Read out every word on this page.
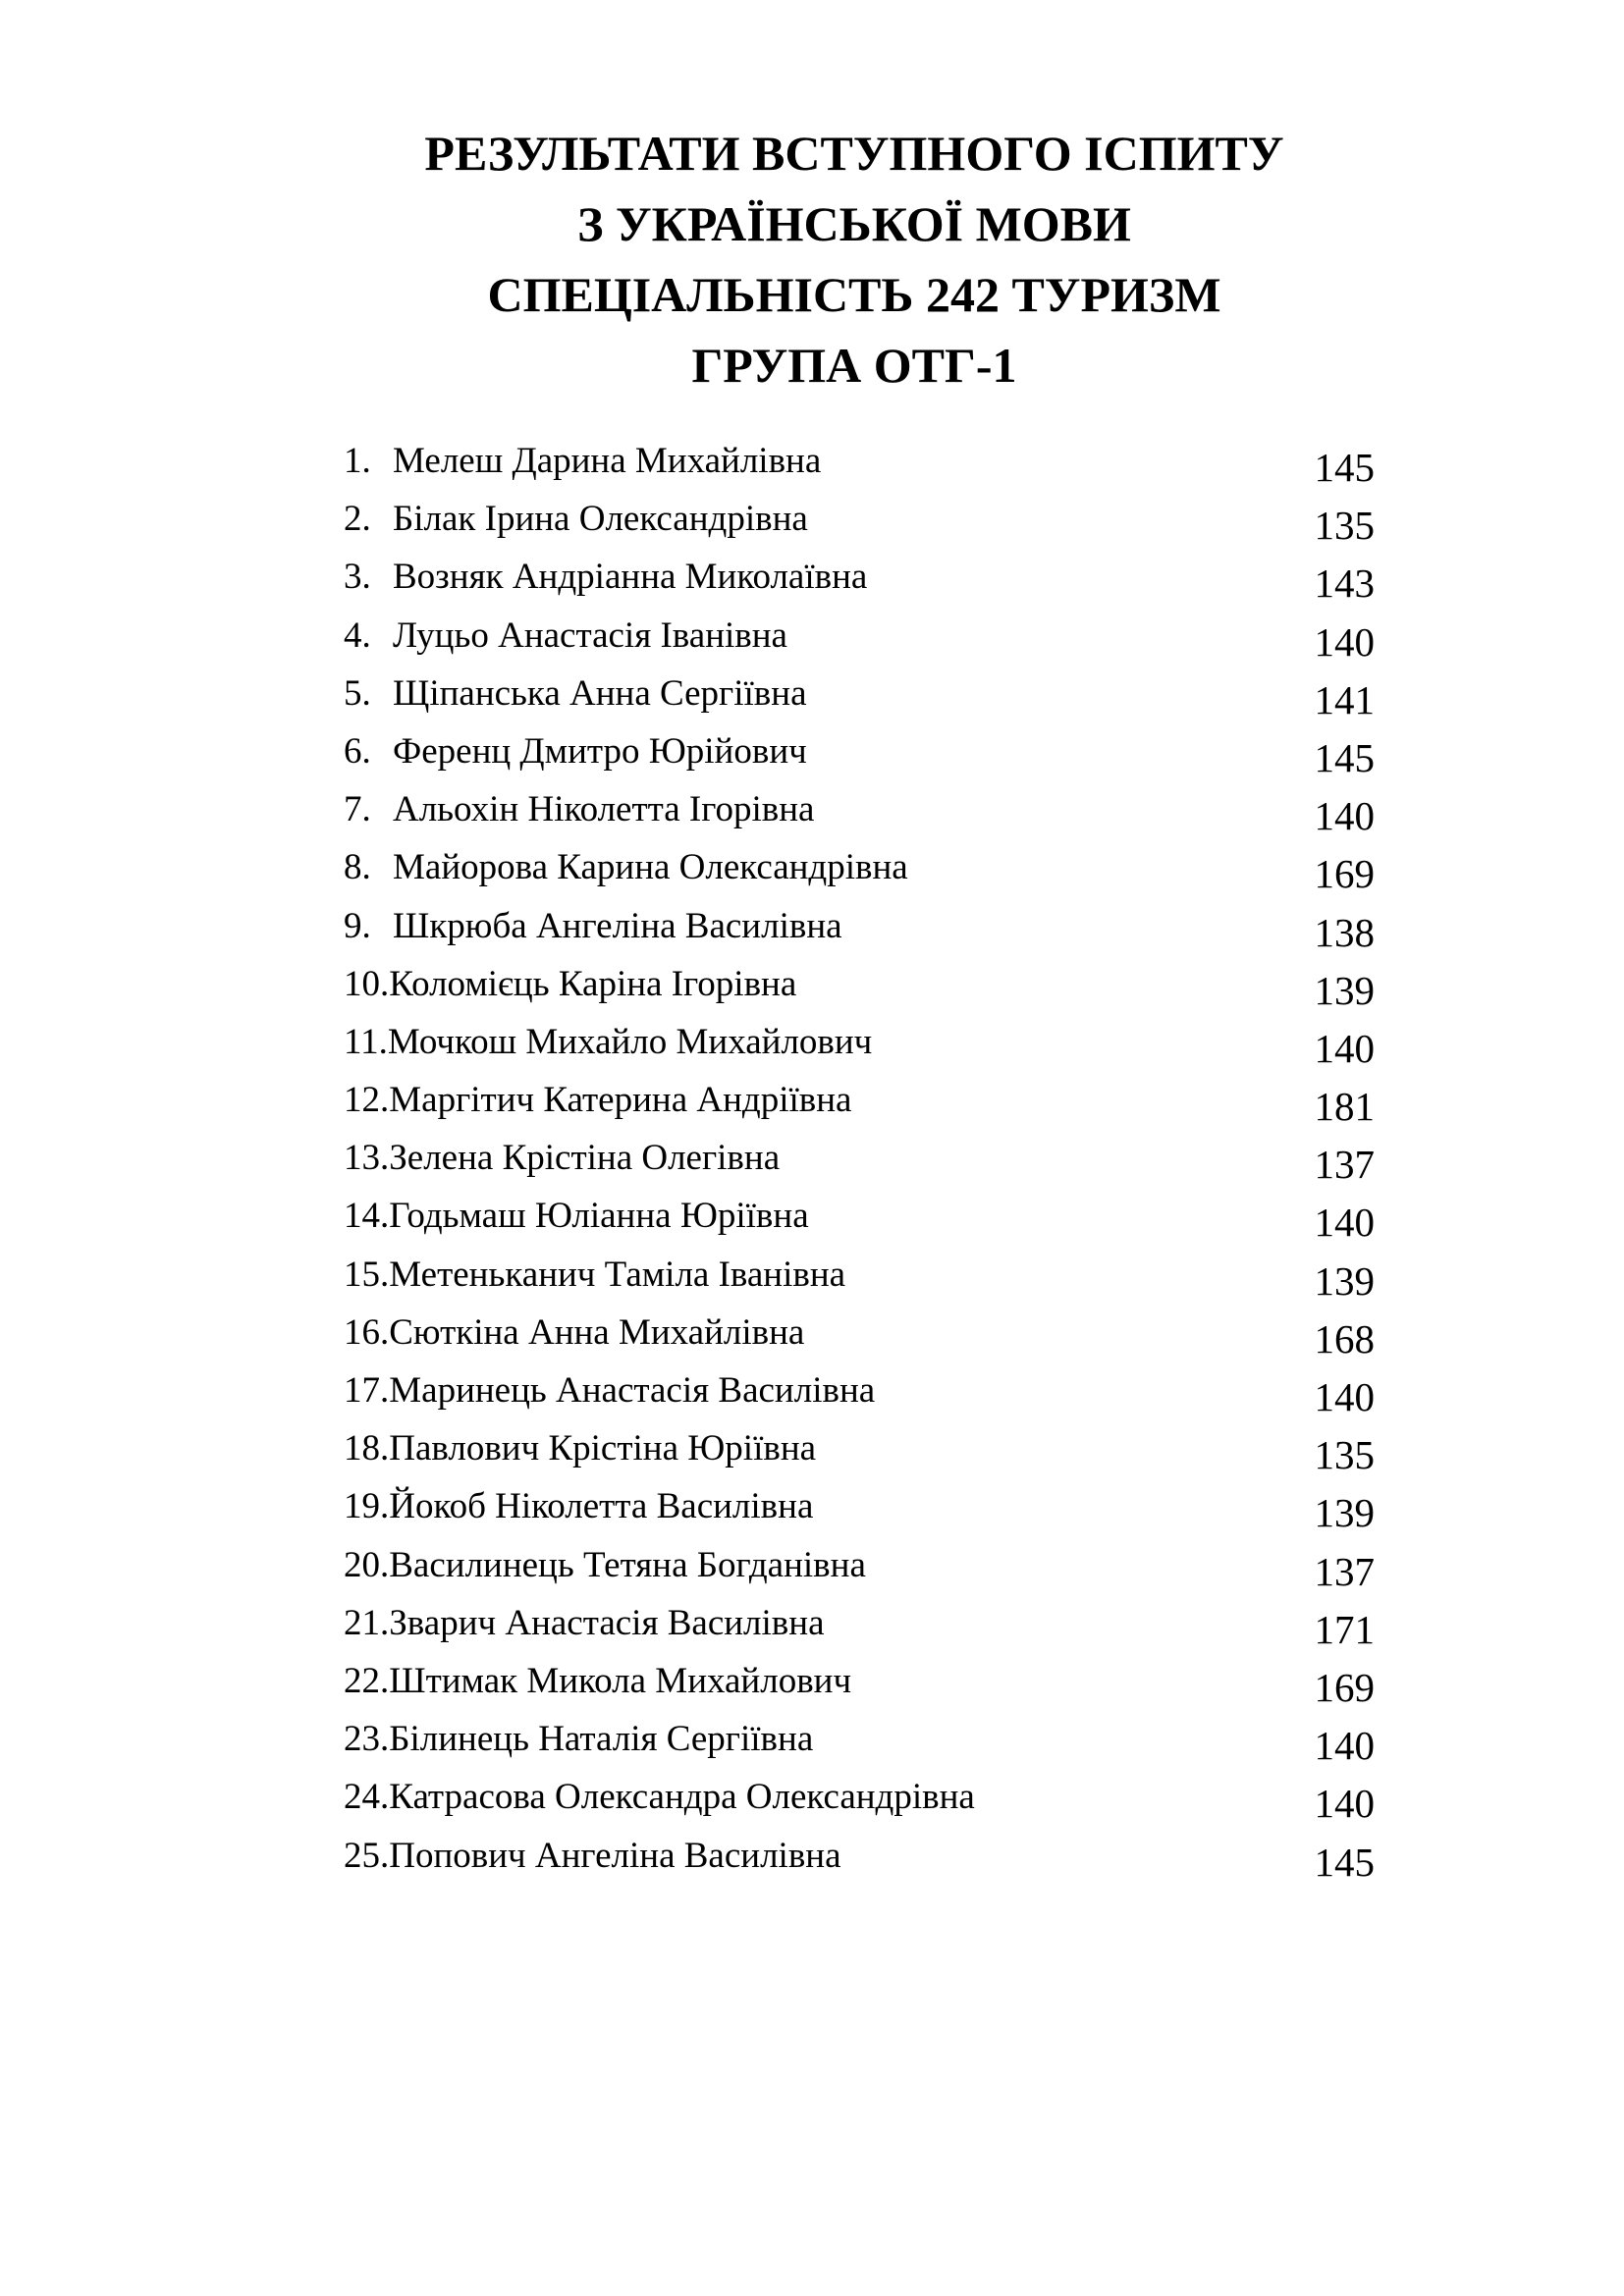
РЕЗУЛЬТАТИ ВСТУПНОГО ІСПИТУ
З УКРАЇНСЬКОЇ МОВИ
СПЕЦІАЛЬНІСТЬ 242 ТУРИЗМ
ГРУПА ОТГ-1
1. Мелеш Дарина Михайлівна	145
2. Білак Ірина Олександрівна	135
3. Возняк Андріанна Миколаївна	143
4. Луцьо Анастасія Іванівна	140
5. Щіпанська Анна Сергіївна	141
6. Ференц Дмитро Юрійович	145
7. Альохін Ніколетта Ігорівна	140
8. Майорова Карина Олександрівна	169
9. Шкрюба Ангеліна Василівна	138
10. Коломієць Каріна Ігорівна	139
11. Мочкош Михайло Михайлович	140
12. Маргітич Катерина Андріївна	181
13. Зелена Крістіна Олегівна	137
14. Годьмаш Юліанна Юріївна	140
15. Метеньканич Таміла Іванівна	139
16. Сюткіна Анна Михайлівна	168
17. Маринець Анастасія Василівна	140
18. Павлович Крістіна Юріївна	135
19. Йокоб Ніколетта Василівна	139
20. Василинець Тетяна Богданівна	137
21. Зварич Анастасія Василівна	171
22. Штимак Микола Михайлович	169
23. Білинець Наталія Сергіївна	140
24. Катрасова Олександра Олександрівна	140
25. Попович Ангеліна Василівна	145
